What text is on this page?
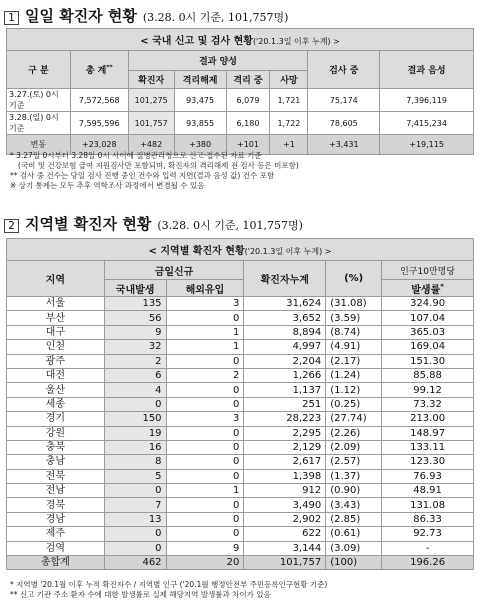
1 일일 확진자 현황 (3.28. 0시 기준, 101,757명)
< 국내 신고 및 검사 현황('20.1.3일 이후 누계) >							
구 분	총 계**	결과 양성				검사 중	결과 음성
		확진자	격리해제	격리 중	사망		
3.27.(토) 0시 기준	7,572,568	101,275	93,475	6,079	1,721	75,174	7,396,119
3.28.(일) 0시 기준	7,595,596	101,757	93,855	6,180	1,722	78,605	7,415,234
변동	+23,028	+482	+380	+101	+1	+3,431	+19,115
* 3.27일 0시부터 3.28일 0시 사이에 질병관리청으로 신고·접수된 자료 기준
(국비 및 건강보험 급여 지원검사만 포함되며, 확진자의 격리해제 전 검사 등은 미포함)
** 검사 중 건수는 당일 검사 진행 중인 건수와 입력 지연(결과 음성 값) 건수 포함
※ 상기 통계는 모두 추후 역학조사 과정에서 변경될 수 있음
2 지역별 확진자 현황 (3.28. 0시 기준, 101,757명)
< 지역별 확진자 현황('20.1.3일 이후 누계) >					
지역	금일신규		확진자누계	(%)	인구10만명당
	국내발생	해외유입			발생률*
서울	135	3	31,624	(31.08)	324.90
부산	56	0	3,652	(3.59)	107.04
대구	9	1	8,894	(8.74)	365.03
인천	32	1	4,997	(4.91)	169.04
광주	2	0	2,204	(2.17)	151.30
대전	6	2	1,266	(1.24)	85.88
울산	4	0	1,137	(1.12)	99.12
세종	0	0	251	(0.25)	73.32
경기	150	3	28,223	(27.74)	213.00
강원	19	0	2,295	(2.26)	148.97
충북	16	0	2,129	(2.09)	133.11
충남	8	0	2,617	(2.57)	123.30
전북	5	0	1,398	(1.37)	76.93
전남	0	1	912	(0.90)	48.91
경북	7	0	3,490	(3.43)	131.08
경남	13	0	2,902	(2.85)	86.33
제주	0	0	622	(0.61)	92.73
검역	0	9	3,144	(3.09)	-
총합계	462	20	101,757	(100)	196.26
* 지역별 '20.1월 이후 누적 확진자수 / 지역별 인구 ('20.1월 행정안전부 주민등록인구현황 기준)
** 신고 기관 주소 환자 수에 대한 발생률로 실제 해당지역 발생률과 차이가 있음
